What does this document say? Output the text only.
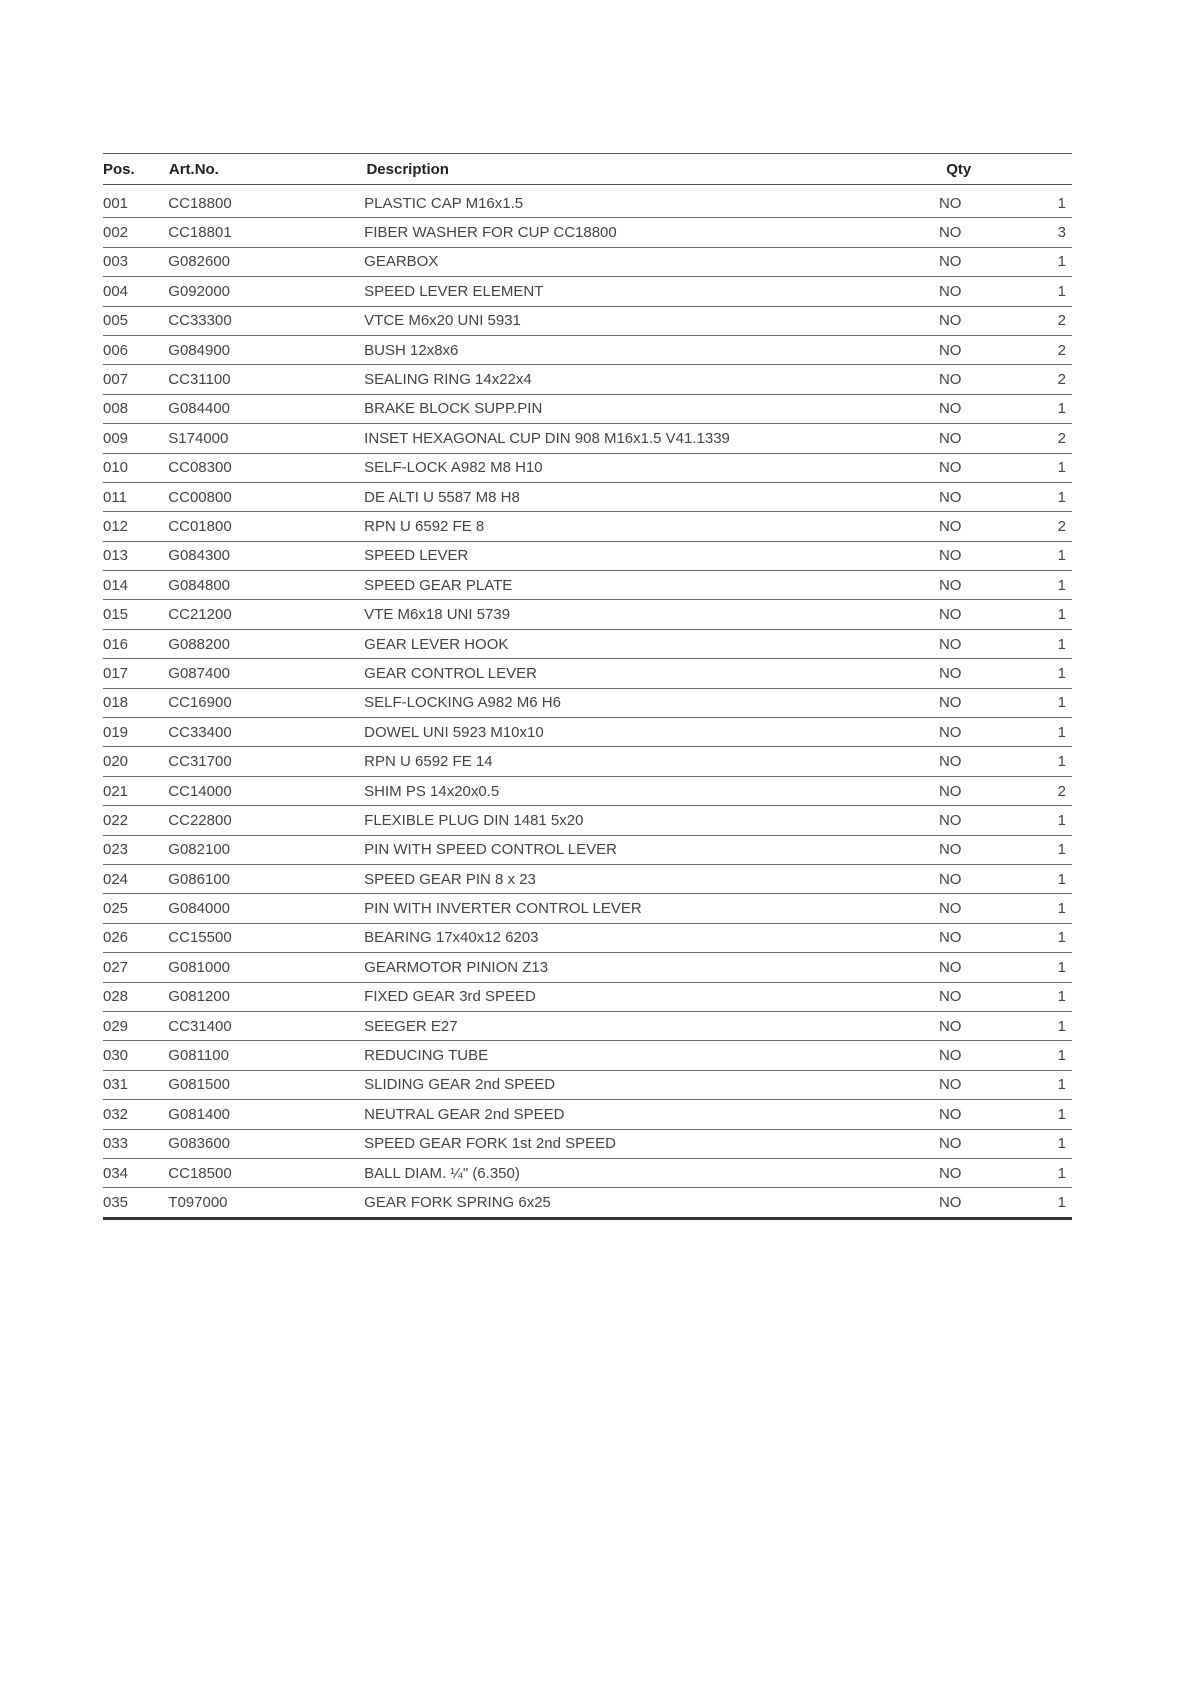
Pos.	Art.No.	Description	Qty
001	CC18800	PLASTIC CAP M16x1.5	NO	1
002	CC18801	FIBER WASHER FOR CUP CC18800	NO	3
003	G082600	GEARBOX	NO	1
004	G092000	SPEED LEVER ELEMENT	NO	1
005	CC33300	VTCE M6x20 UNI 5931	NO	2
006	G084900	BUSH 12x8x6	NO	2
007	CC31100	SEALING RING 14x22x4	NO	2
008	G084400	BRAKE BLOCK SUPP.PIN	NO	1
009	S174000	INSET HEXAGONAL CUP DIN 908 M16x1.5 V41.1339	NO	2
010	CC08300	SELF-LOCK A982 M8 H10	NO	1
011	CC00800	DE ALTI U 5587 M8 H8	NO	1
012	CC01800	RPN U 6592 FE 8	NO	2
013	G084300	SPEED LEVER	NO	1
014	G084800	SPEED GEAR PLATE	NO	1
015	CC21200	VTE M6x18 UNI 5739	NO	1
016	G088200	GEAR LEVER HOOK	NO	1
017	G087400	GEAR CONTROL LEVER	NO	1
018	CC16900	SELF-LOCKING A982 M6 H6	NO	1
019	CC33400	DOWEL UNI 5923 M10x10	NO	1
020	CC31700	RPN U 6592 FE 14	NO	1
021	CC14000	SHIM PS 14x20x0.5	NO	2
022	CC22800	FLEXIBLE PLUG DIN 1481 5x20	NO	1
023	G082100	PIN WITH SPEED CONTROL LEVER	NO	1
024	G086100	SPEED GEAR PIN 8 x 23	NO	1
025	G084000	PIN WITH INVERTER CONTROL LEVER	NO	1
026	CC15500	BEARING 17x40x12 6203	NO	1
027	G081000	GEARMOTOR PINION Z13	NO	1
028	G081200	FIXED GEAR 3rd SPEED	NO	1
029	CC31400	SEEGER E27	NO	1
030	G081100	REDUCING TUBE	NO	1
031	G081500	SLIDING GEAR 2nd SPEED	NO	1
032	G081400	NEUTRAL GEAR 2nd SPEED	NO	1
033	G083600	SPEED GEAR FORK 1st 2nd SPEED	NO	1
034	CC18500	BALL DIAM. ¼" (6.350)	NO	1
035	T097000	GEAR FORK SPRING 6x25	NO	1
